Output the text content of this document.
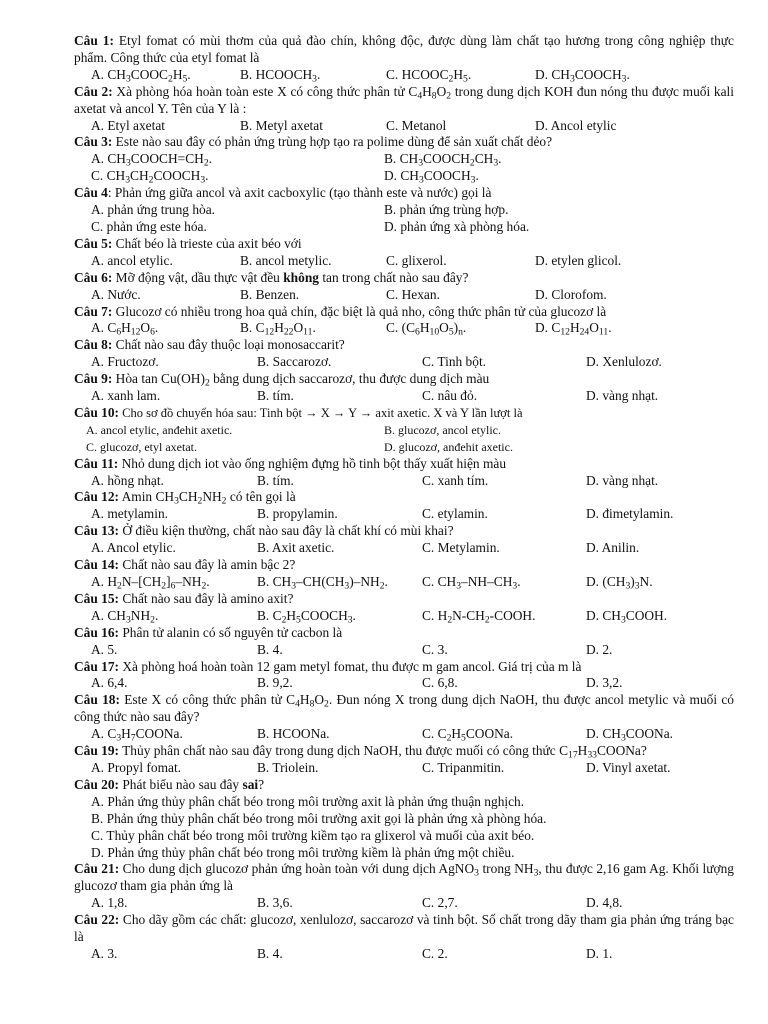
Câu 1: Etyl fomat có mùi thơm của quả đào chín, không độc, được dùng làm chất tạo hương trong công nghiệp thực phẩm. Công thức của etyl fomat là

A. $CH_3COOC_2H_5$.	B. $HCOOCH_3$.	C. $HCOOC_2H_5$.	D. $CH_3COOCH_3$.

Câu 2: Xà phòng hóa hoàn toàn este X có công thức phân tử $C_4H_8O_2$ trong dung dịch KOH đun nóng thu được muối kali axetat và ancol Y. Tên của Y là :

A. Etyl axetat	B. Metyl axetat	C. Metanol	D. Ancol etylic

Câu 3: Este nào sau đây có phản ứng trùng hợp tạo ra polime dùng để sản xuất chất dẻo?

A. $CH_3COOCH=CH_2$.	B. $CH_3COOCH_2CH_3$.
C. $CH_3CH_2COOCH_3$.	D. $CH_3COOCH_3$.

Câu 4: Phản ứng giữa ancol và axit cacboxylic (tạo thành este và nước) gọi là

A. phản ứng trung hòa.	B. phản ứng trùng hợp.
C. phản ứng este hóa.	D. phản ứng xà phòng hóa.

Câu 5: Chất béo là trieste của axit béo với

A. ancol etylic.	B. ancol metylic.	C. glixerol.	D. etylen glicol.

Câu 6: Mỡ động vật, dầu thực vật đều không tan trong chất nào sau đây?

A. Nước.	B. Benzen.	C. Hexan.	D. Clorofom.

Câu 7: Glucozơ có nhiều trong hoa quả chín, đặc biệt là quả nho, công thức phân tử của glucozơ là

A. $C_6H_{12}O_6$.	B. $C_{12}H_{22}O_{11}$.	C. $(C_6H_{10}O_5)_n$.	D. $C_{12}H_{24}O_{11}$.

Câu 8: Chất nào sau đây thuộc loại monosaccarit?

A. Fructozơ.	B. Saccarozơ.	C. Tinh bột.	D. Xenlulozơ.

Câu 9: Hòa $\tan Cu(OH)_2$ bằng dung dịch saccarozơ, thu được dung dịch màu

A. xanh lam.	B. tím.	C. nâu đỏ.	D. vàng nhạt.

Câu 10: Cho sơ đồ chuyển hóa sau: Tinh bột → X → Y → axit axetic. X và Y lần lượt là

A. ancol etylic, anđehit axetic.	B. glucozơ, ancol etylic.
C. glucozơ, etyl axetat.	D. glucozơ, anđehit axetic.

Câu 11: Nhỏ dung dịch iot vào ống nghiệm đựng hồ tinh bột thấy xuất hiện màu

A. hồng nhạt.	B. tím.	C. xanh tím.	D. vàng nhạt.

Câu 12: Amin $CH_3CH_2NH_2$ có tên gọi là

A. metylamin.	B. propylamin.	C. etylamin.	D. đimetylamin.

Câu 13: Ở điều kiện thường, chất nào sau đây là chất khí có mùi khai?

A. Ancol etylic.	B. Axit axetic.	C. Metylamin.	D. Anilin.

Câu 14: Chất nào sau đây là amin bậc 2?

A. $H_2N-[CH_2]_6-NH_2$.	B. $CH_3-CH(CH_3)-NH_2$.	C. $CH_3-NH-CH_3$.	D. $(CH_3)_3N$.

Câu 15: Chất nào sau đây là amino axit?

A. $CH_3NH_2$.	B. $C_2H_5COOCH_3$.	C. $H_2N-CH_2$-COOH.	D. $CH_3COOH$.

Câu 16: Phân tử alanin có số nguyên tử cacbon là

A. 5.	B. 4.	C. 3.	D. 2.

Câu 17: Xà phòng hoá hoàn toàn 12 gam metyl fomat, thu được m gam ancol. Giá trị của m là

A. 6,4.	B. 9,2.	C. 6,8.	D. 3,2.

Câu 18: Este X có công thức phân tử $C_4H_8O_2$. Đun nóng X trong dung dịch NaOH, thu được ancol metylic và muối có công thức nào sau đây?

A. $C_3H_7COONa$.	B. HCOONa.	C. $C_2H_5COONa$.	D. $CH_3COONa$.

Câu 19: Thủy phân chất nào sau đây trong dung dịch NaOH, thu được muối có công thức $C_{17}H_{33}COONa$?

A. Propyl fomat.	B. Triolein.	C. Tripanmitin.	D. Vinyl axetat.

Câu 20: Phát biểu nào sau đây sai?

A. Phản ứng thủy phân chất béo trong môi trường axit là phản ứng thuận nghịch.

B. Phản ứng thủy phân chất béo trong môi trường axit gọi là phản ứng xà phòng hóa.

C. Thủy phân chất béo trong môi trường kiềm tạo ra glixerol và muối của axit béo.

D. Phản ứng thủy phân chất béo trong môi trường kiềm là phản ứng một chiều.

Câu 21: Cho dung dịch glucozơ phản ứng hoàn toàn với dung dịch AgNO$_3$ trong $NH_3$, thu được 2,16 gam Ag. Khối lượng glucozơ tham gia phản ứng là

A. 1,8.	B. 3,6.	C. 2,7.	D. 4,8.

Câu 22: Cho dãy gồm các chất: glucozơ, xenlulozơ, saccarozơ và tinh bột. Số chất trong dãy tham gia phản ứng tráng bạc là

A. 3.	B. 4.	C. 2.	D. 1.
